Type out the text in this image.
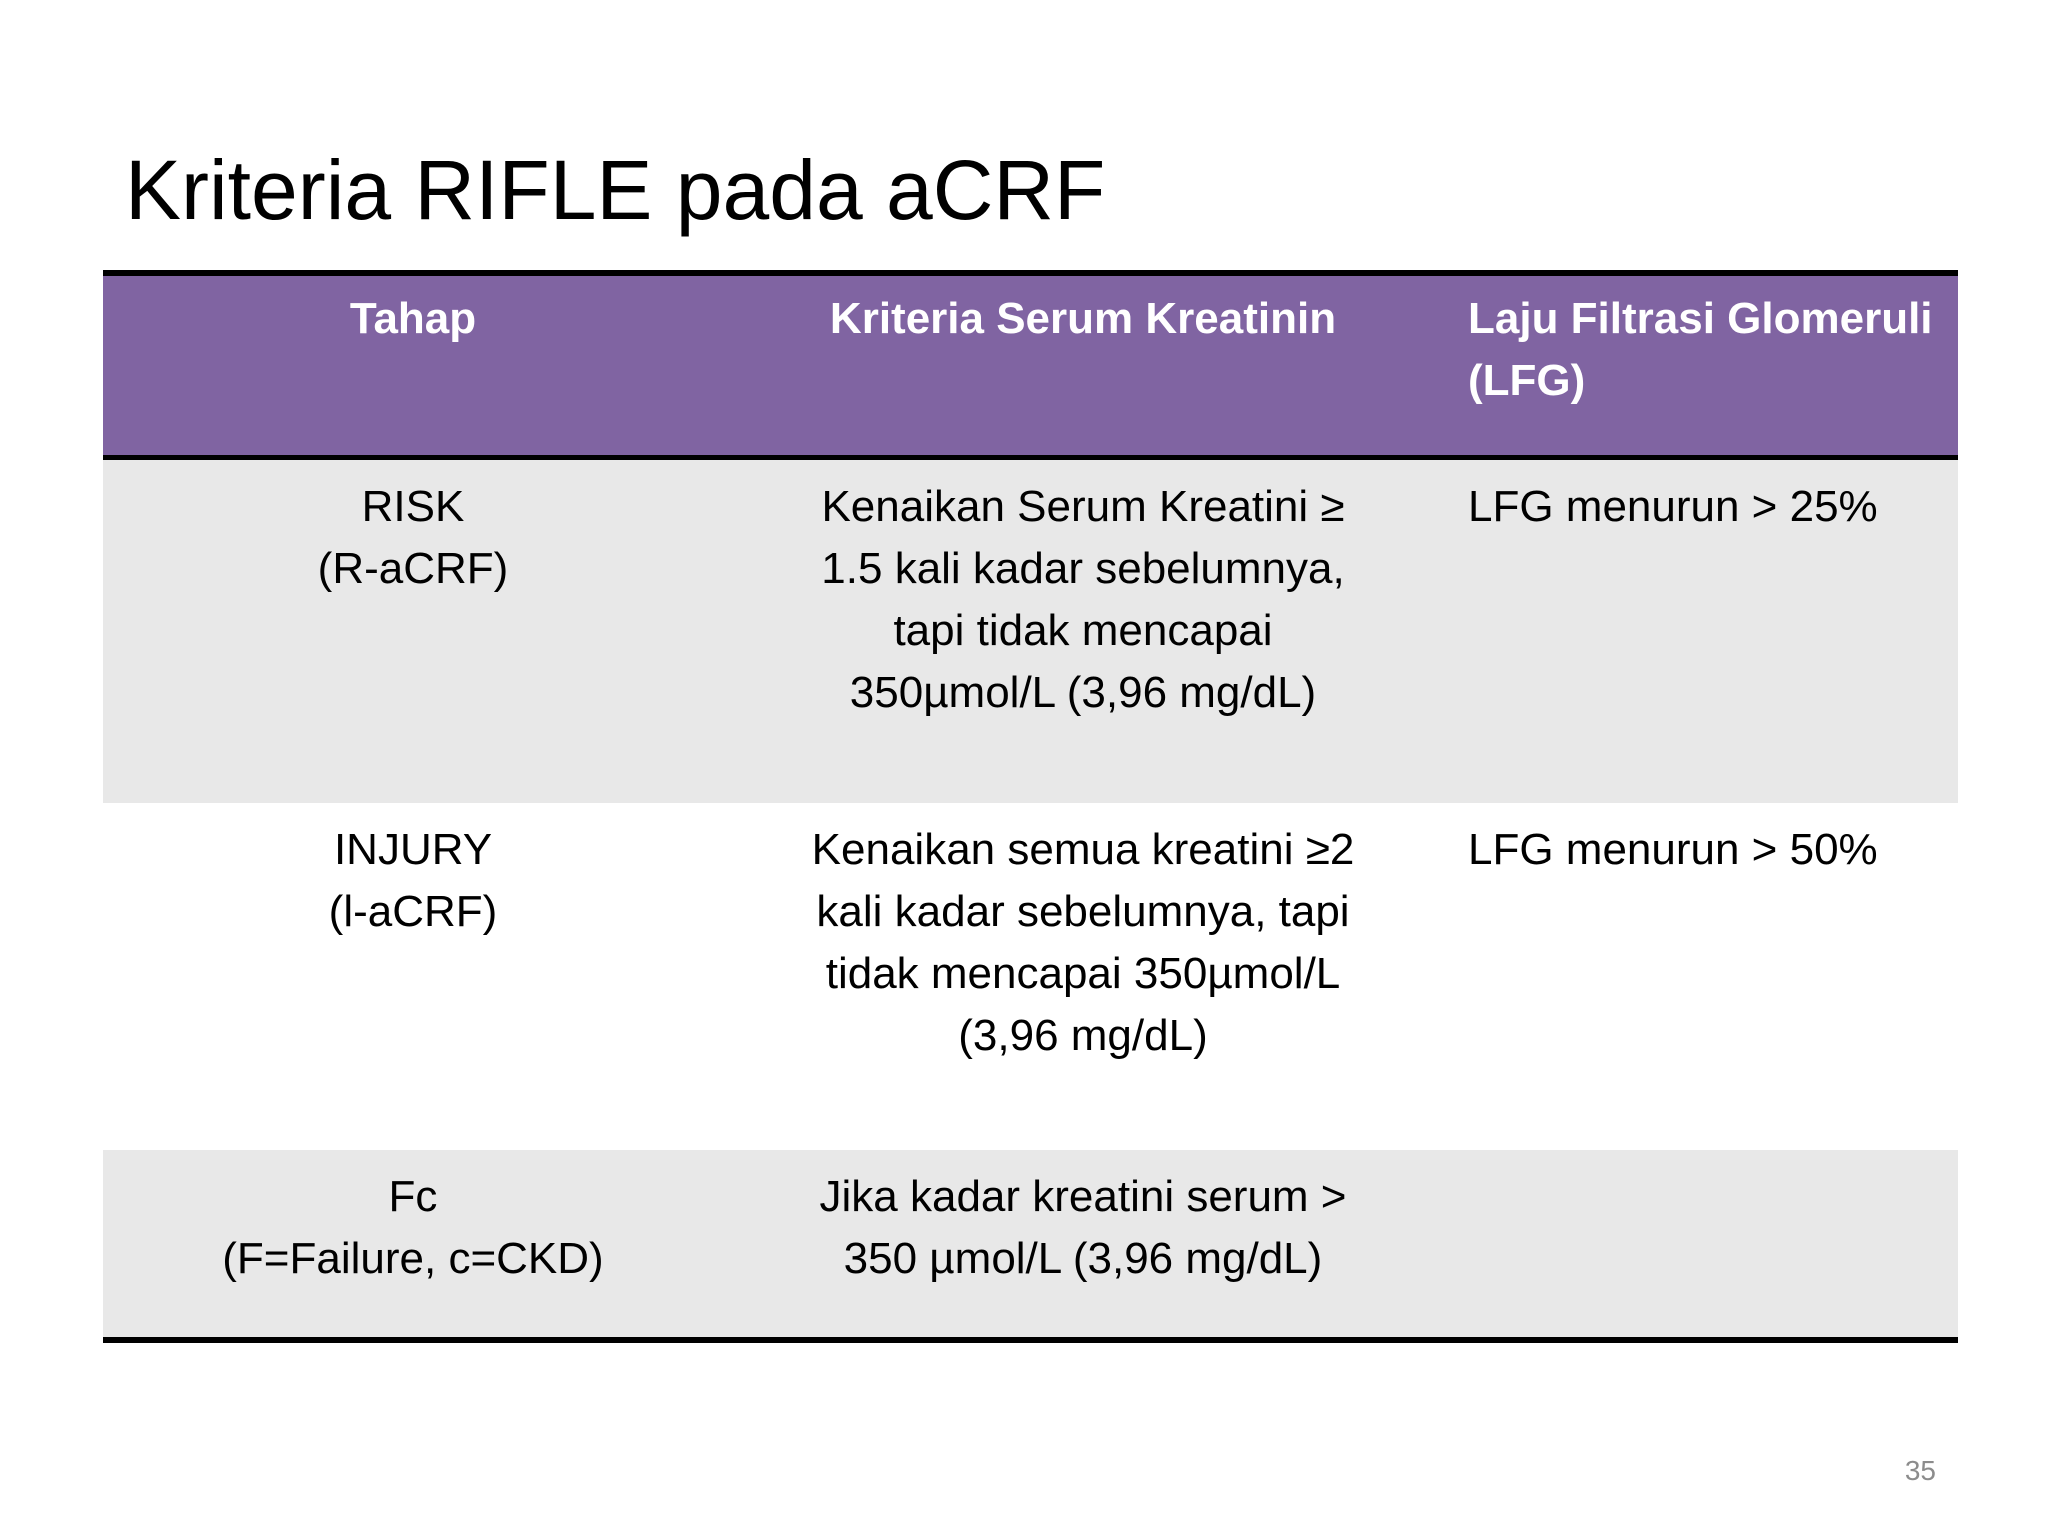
Kriteria RIFLE pada aCRF
Tahap	Kriteria Serum Kreatinin	Laju Filtrasi Glomeruli
(LFG)
RISK
(R-aCRF)
Kenaikan Serum Kreatini ≥
1.5 kali kadar sebelumnya,
tapi tidak mencapai
350µmol/L (3,96 mg/dL)
LFG menurun > 25%
INJURY
(l-aCRF)
Kenaikan semua kreatini ≥2
kali kadar sebelumnya, tapi
tidak mencapai 350µmol/L
(3,96 mg/dL)
LFG menurun > 50%
Fc
(F=Failure, c=CKD)
Jika kadar kreatini serum >
350 µmol/L (3,96 mg/dL)
35
